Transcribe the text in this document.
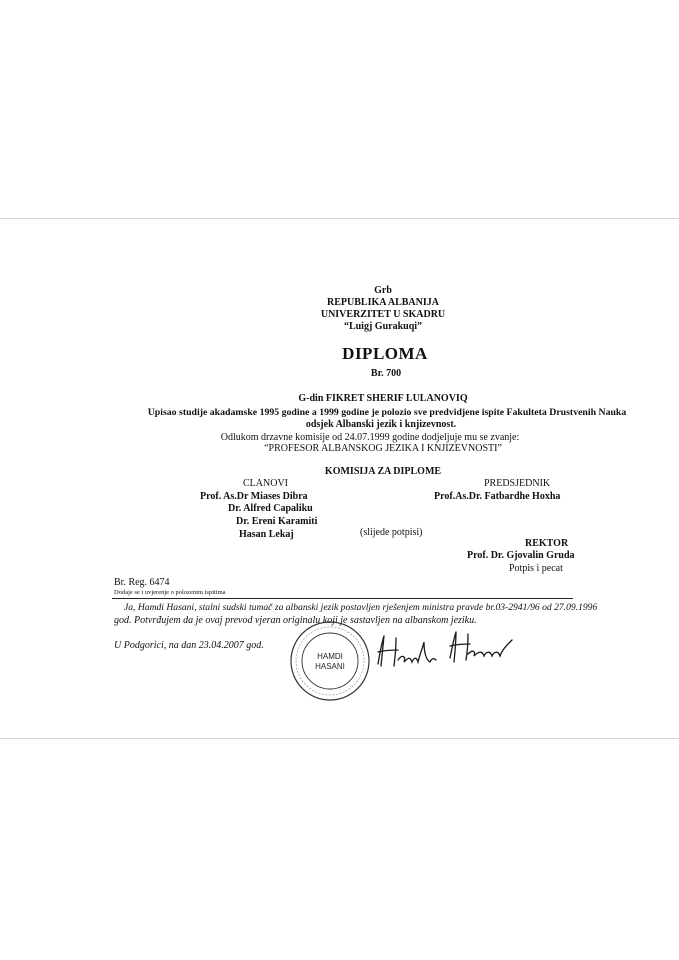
Grb
REPUBLIKA ALBANIJA
UNIVERZITET U SKADRU
“Luigj Gurakuqi”
DIPLOMA
Br. 700
G-din FIKRET SHERIF LULANOVIQ
Upisao studije akadamske 1995 godine a 1999 godine je polozio sve predvidjene ispite Fakulteta Drustvenih Nauka
odsjek Albanski jezik i knjizevnost.
Odlukom drzavne komisije od 24.07.1999 godine dodjeljuje mu se zvanje:
“PROFESOR ALBANSKOG JEZIKA I KNJIZEVNOSTI”
KOMISIJA ZA DIPLOME
CLANOVI	PREDSJEDNIK
Prof. As.Dr Miases Dibra	Prof.As.Dr. Fatbardhe Hoxha
Dr. Alfred Capaliku
Dr. Ereni Karamiti
Hasan Lekaj	(slijede potpisi)
REKTOR
Prof. Dr. Gjovalin Gruda
Potpis i pecat
Br. Reg. 6474
Dodaje se i uvjerenje o polozenim ispitima
Ja, Hamdi Hasani, stalni sudski tumač za albanski jezik postavljen rješenjem ministra pravde br.03-2941/96 od 27.09.1996
god. Potvrđujem da je ovaj prevod vjeran originalu koji je sastavljen na albanskom jeziku.
U Podgorici, na dan 23.04.2007 god.
HAMDI
HASANI
